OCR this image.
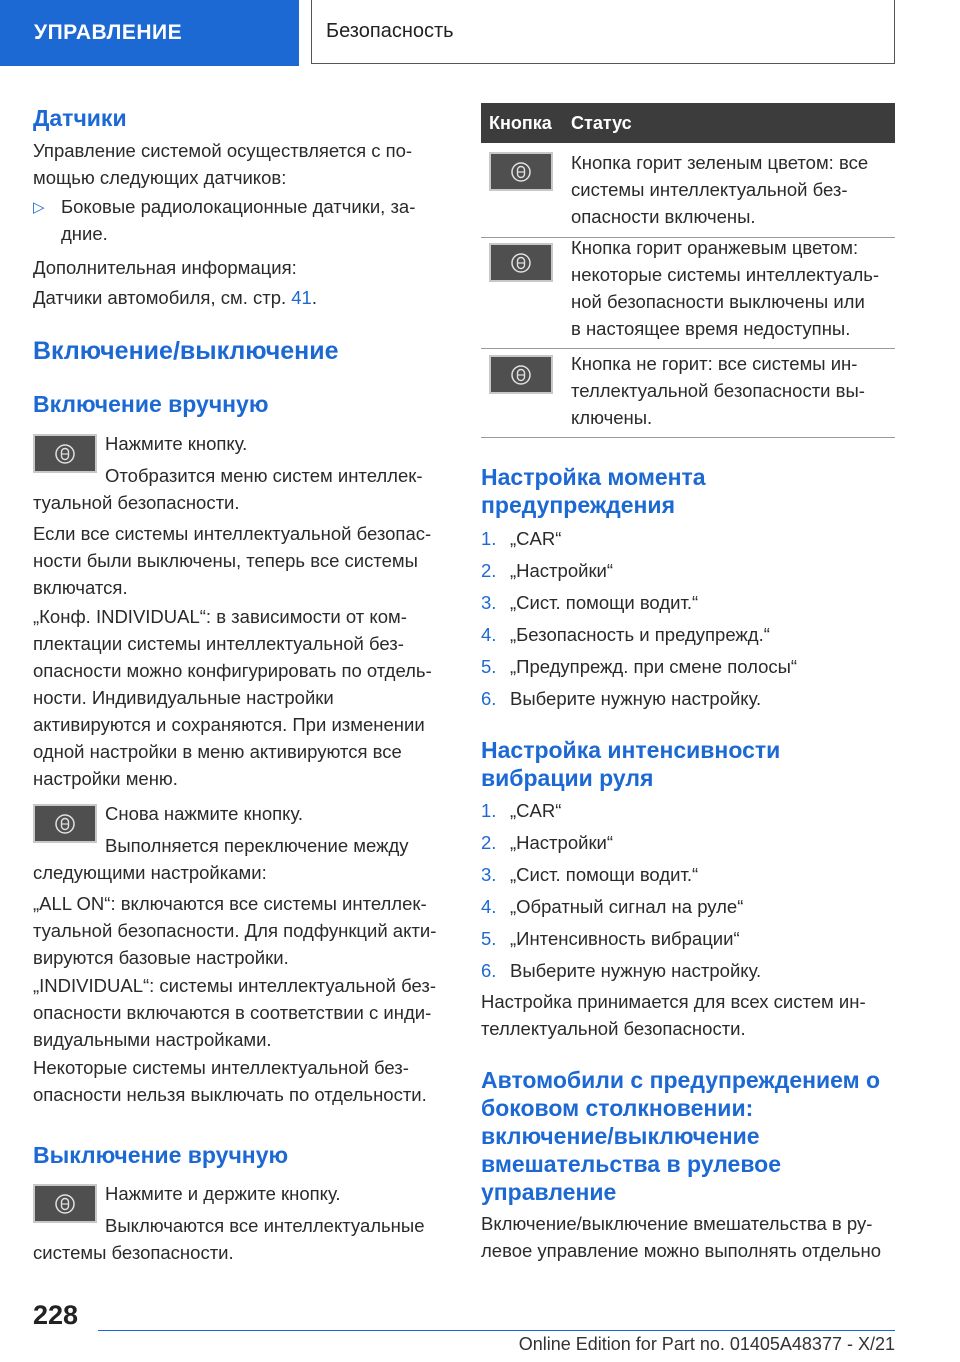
УПРАВЛЕНИЕ	Безопасность
Датчики

Управление системой осуществляется с по-

мощью следующих датчиков:

▷ Боковые радиолокационные датчики, за-

дние.

Дополнительная информация:

Датчики автомобиля, см. стр. 41.

Включение/выключение
Включение вручную

Нажмите кнопку.

Отобразится меню систем интеллек-

туальной безопасности.

Если все системы интеллектуальной безопас-

ности были выключены, теперь все системы

включатся.

„Конф. INDIVIDUAL“: в зависимости от ком-

плектации системы интеллектуальной без-

опасности можно конфигурировать по отдель-

ности. Индивидуальные настройки

активируются и сохраняются. При изменении

одной настройки в меню активируются все

настройки меню.

Снова нажмите кнопку.

Выполняется переключение между

следующими настройками:

„ALL ON“: включаются все системы интеллек-

туальной безопасности. Для подфункций акти-

вируются базовые настройки.

„INDIVIDUAL“: системы интеллектуальной без-

опасности включаются в соответствии с инди-

видуальными настройками.

Некоторые системы интеллектуальной без-

опасности нельзя выключать по отдельности.

Выключение вручную

Нажмите и держите кнопку.

Выключаются все интеллектуальные

системы безопасности.

Кнопка Статус

Кнопка горит зеленым цветом: все

системы интеллектуальной без-

опасности включены.

Кнопка горит оранжевым цветом:

некоторые системы интеллектуаль-

ной безопасности выключены или

в настоящее время недоступны.

Кнопка не горит: все системы ин-

теллектуальной безопасности вы-

ключены.

Настройка момента
предупреждения
1. „CAR“
2. „Настройки“
3. „Сист. помощи водит.“
4. „Безопасность и предупрежд.“
5. „Предупрежд. при смене полосы“
6. Выберите нужную настройку.
Настройка интенсивности
вибрации руля
1. „CAR“
2. „Настройки“
3. „Сист. помощи водит.“
4. „Обратный сигнал на руле“
5. „Интенсивность вибрации“
6. Выберите нужную настройку.

Настройка принимается для всех систем ин-

теллектуальной безопасности.

Автомобили с предупреждением о
боковом столкновении:
включение/выключение
вмешательства в рулевое
управление

Включение/выключение вмешательства в ру-

левое управление можно выполнять отдельно

228
Online Edition for Part no. 01405A48377 - X/21
